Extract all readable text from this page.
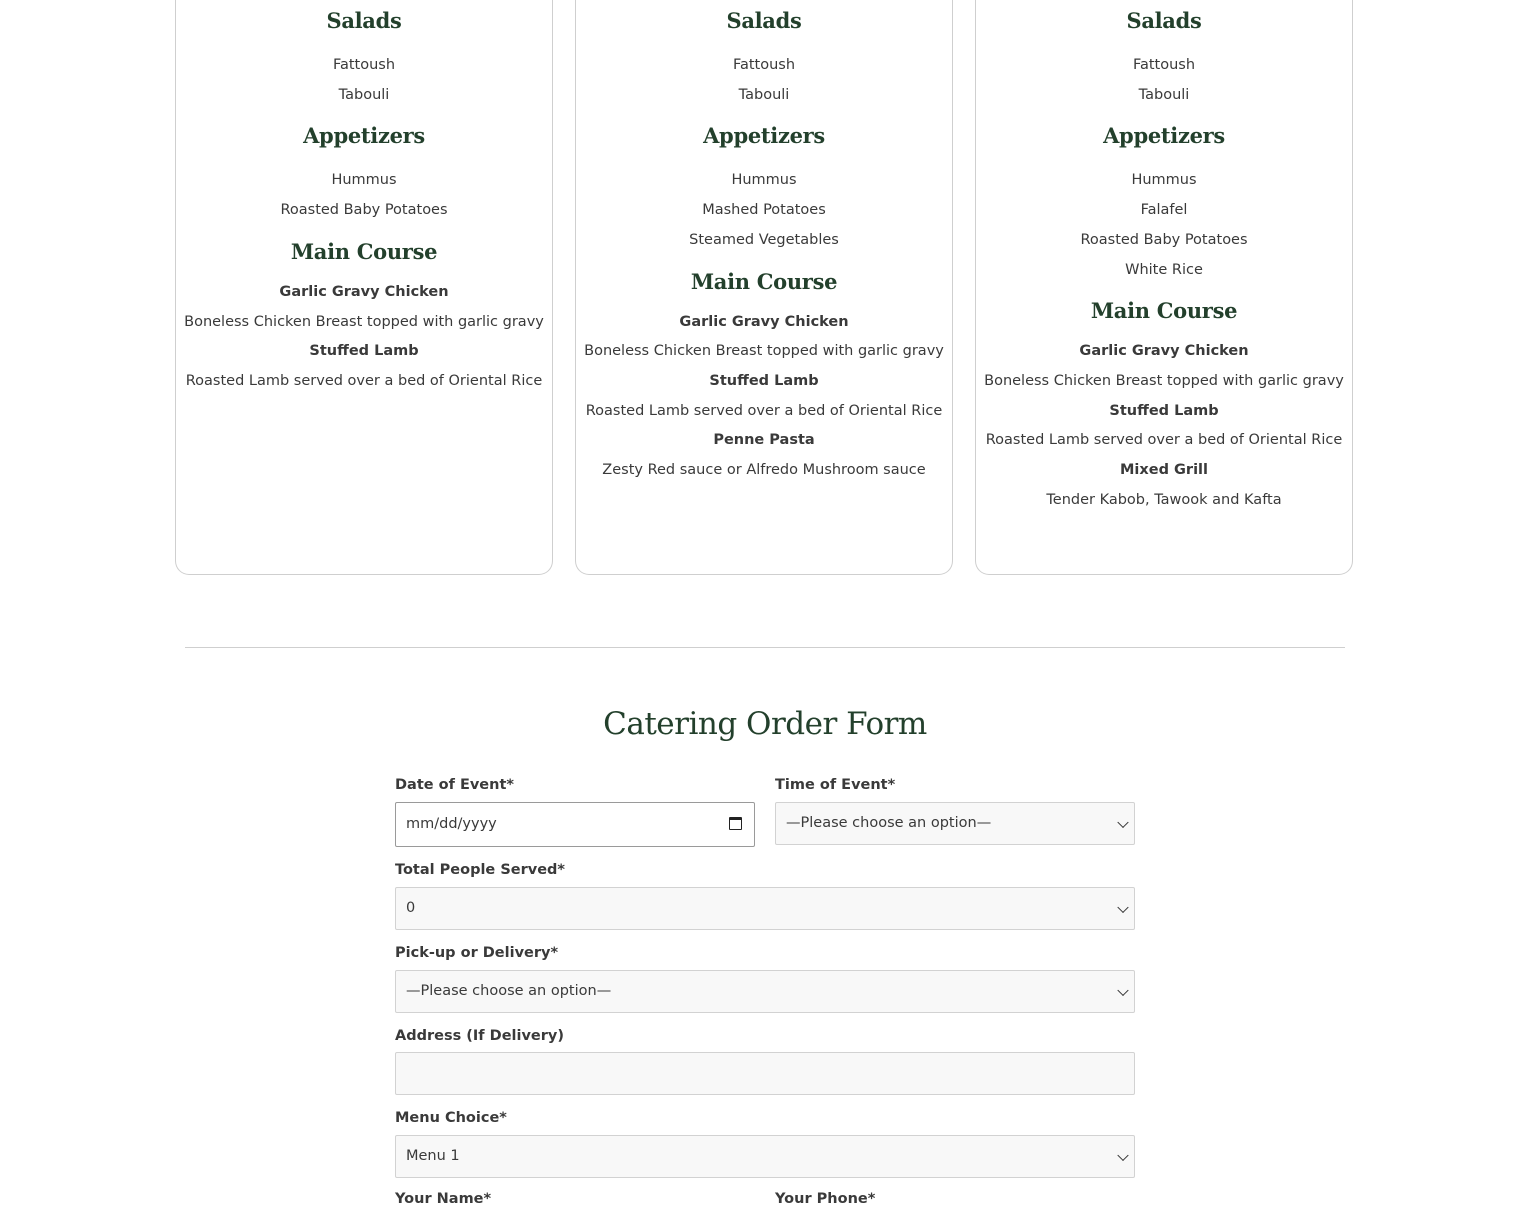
Salads
Fattoush
Tabouli
Appetizers
Hummus
Roasted Baby Potatoes
Main Course
Garlic Gravy Chicken
Boneless Chicken Breast topped with garlic gravy
Stuffed Lamb
Roasted Lamb served over a bed of Oriental Rice
Salads
Fattoush
Tabouli
Appetizers
Hummus
Mashed Potatoes
Steamed Vegetables
Main Course
Garlic Gravy Chicken
Boneless Chicken Breast topped with garlic gravy
Stuffed Lamb
Roasted Lamb served over a bed of Oriental Rice
Penne Pasta
Zesty Red sauce or Alfredo Mushroom sauce
Salads
Fattoush
Tabouli
Appetizers
Hummus
Falafel
Roasted Baby Potatoes
White Rice
Main Course
Garlic Gravy Chicken
Boneless Chicken Breast topped with garlic gravy
Stuffed Lamb
Roasted Lamb served over a bed of Oriental Rice
Mixed Grill
Tender Kabob, Tawook and Kafta
Catering Order Form
Date of Event*
mm/dd/yyyy
Time of Event*
—Please choose an option—
Total People Served*
0
Pick-up or Delivery*
—Please choose an option—
Address (If Delivery)
Menu Choice*
Menu 1
Your Name*	Your Phone*
